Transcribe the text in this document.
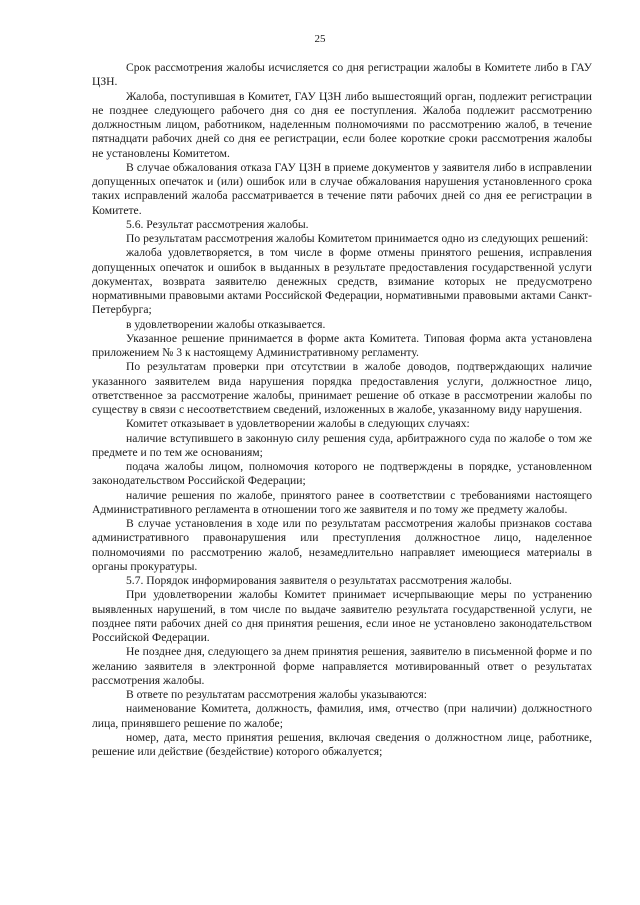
25

Срок рассмотрения жалобы исчисляется со дня регистрации жалобы в Комитете либо в ГАУ ЦЗН.

Жалоба, поступившая в Комитет, ГАУ ЦЗН либо вышестоящий орган, подлежит регистрации не позднее следующего рабочего дня со дня ее поступления. Жалоба подлежит рассмотрению должностным лицом, работником, наделенным полномочиями по рассмотрению жалоб, в течение пятнадцати рабочих дней со дня ее регистрации, если более короткие сроки рассмотрения жалобы не установлены Комитетом.

В случае обжалования отказа ГАУ ЦЗН в приеме документов у заявителя либо в исправлении допущенных опечаток и (или) ошибок или в случае обжалования нарушения установленного срока таких исправлений жалоба рассматривается в течение пяти рабочих дней со дня ее регистрации в Комитете.

5.6. Результат рассмотрения жалобы.

По результатам рассмотрения жалобы Комитетом принимается одно из следующих решений:

жалоба удовлетворяется, в том числе в форме отмены принятого решения, исправления допущенных опечаток и ошибок в выданных в результате предоставления государственной услуги документах, возврата заявителю денежных средств, взимание которых не предусмотрено нормативными правовыми актами Российской Федерации, нормативными правовыми актами Санкт-Петербурга;

в удовлетворении жалобы отказывается.

Указанное решение принимается в форме акта Комитета. Типовая форма акта установлена приложением № 3 к настоящему Административному регламенту.

По результатам проверки при отсутствии в жалобе доводов, подтверждающих наличие указанного заявителем вида нарушения порядка предоставления услуги, должностное лицо, ответственное за рассмотрение жалобы, принимает решение об отказе в рассмотрении жалобы по существу в связи с несоответствием сведений, изложенных в жалобе, указанному виду нарушения.

Комитет отказывает в удовлетворении жалобы в следующих случаях:

наличие вступившего в законную силу решения суда, арбитражного суда по жалобе о том же предмете и по тем же основаниям;

подача жалобы лицом, полномочия которого не подтверждены в порядке, установленном законодательством Российской Федерации;

наличие решения по жалобе, принятого ранее в соответствии с требованиями настоящего Административного регламента в отношении того же заявителя и по тому же предмету жалобы.

В случае установления в ходе или по результатам рассмотрения жалобы признаков состава административного правонарушения или преступления должностное лицо, наделенное полномочиями по рассмотрению жалоб, незамедлительно направляет имеющиеся материалы в органы прокуратуры.

5.7. Порядок информирования заявителя о результатах рассмотрения жалобы.

При удовлетворении жалобы Комитет принимает исчерпывающие меры по устранению выявленных нарушений, в том числе по выдаче заявителю результата государственной услуги, не позднее пяти рабочих дней со дня принятия решения, если иное не установлено законодательством Российской Федерации.

Не позднее дня, следующего за днем принятия решения, заявителю в письменной форме и по желанию заявителя в электронной форме направляется мотивированный ответ о результатах рассмотрения жалобы.

В ответе по результатам рассмотрения жалобы указываются:

наименование Комитета, должность, фамилия, имя, отчество (при наличии) должностного лица, принявшего решение по жалобе;

номер, дата, место принятия решения, включая сведения о должностном лице, работнике, решение или действие (бездействие) которого обжалуется;
